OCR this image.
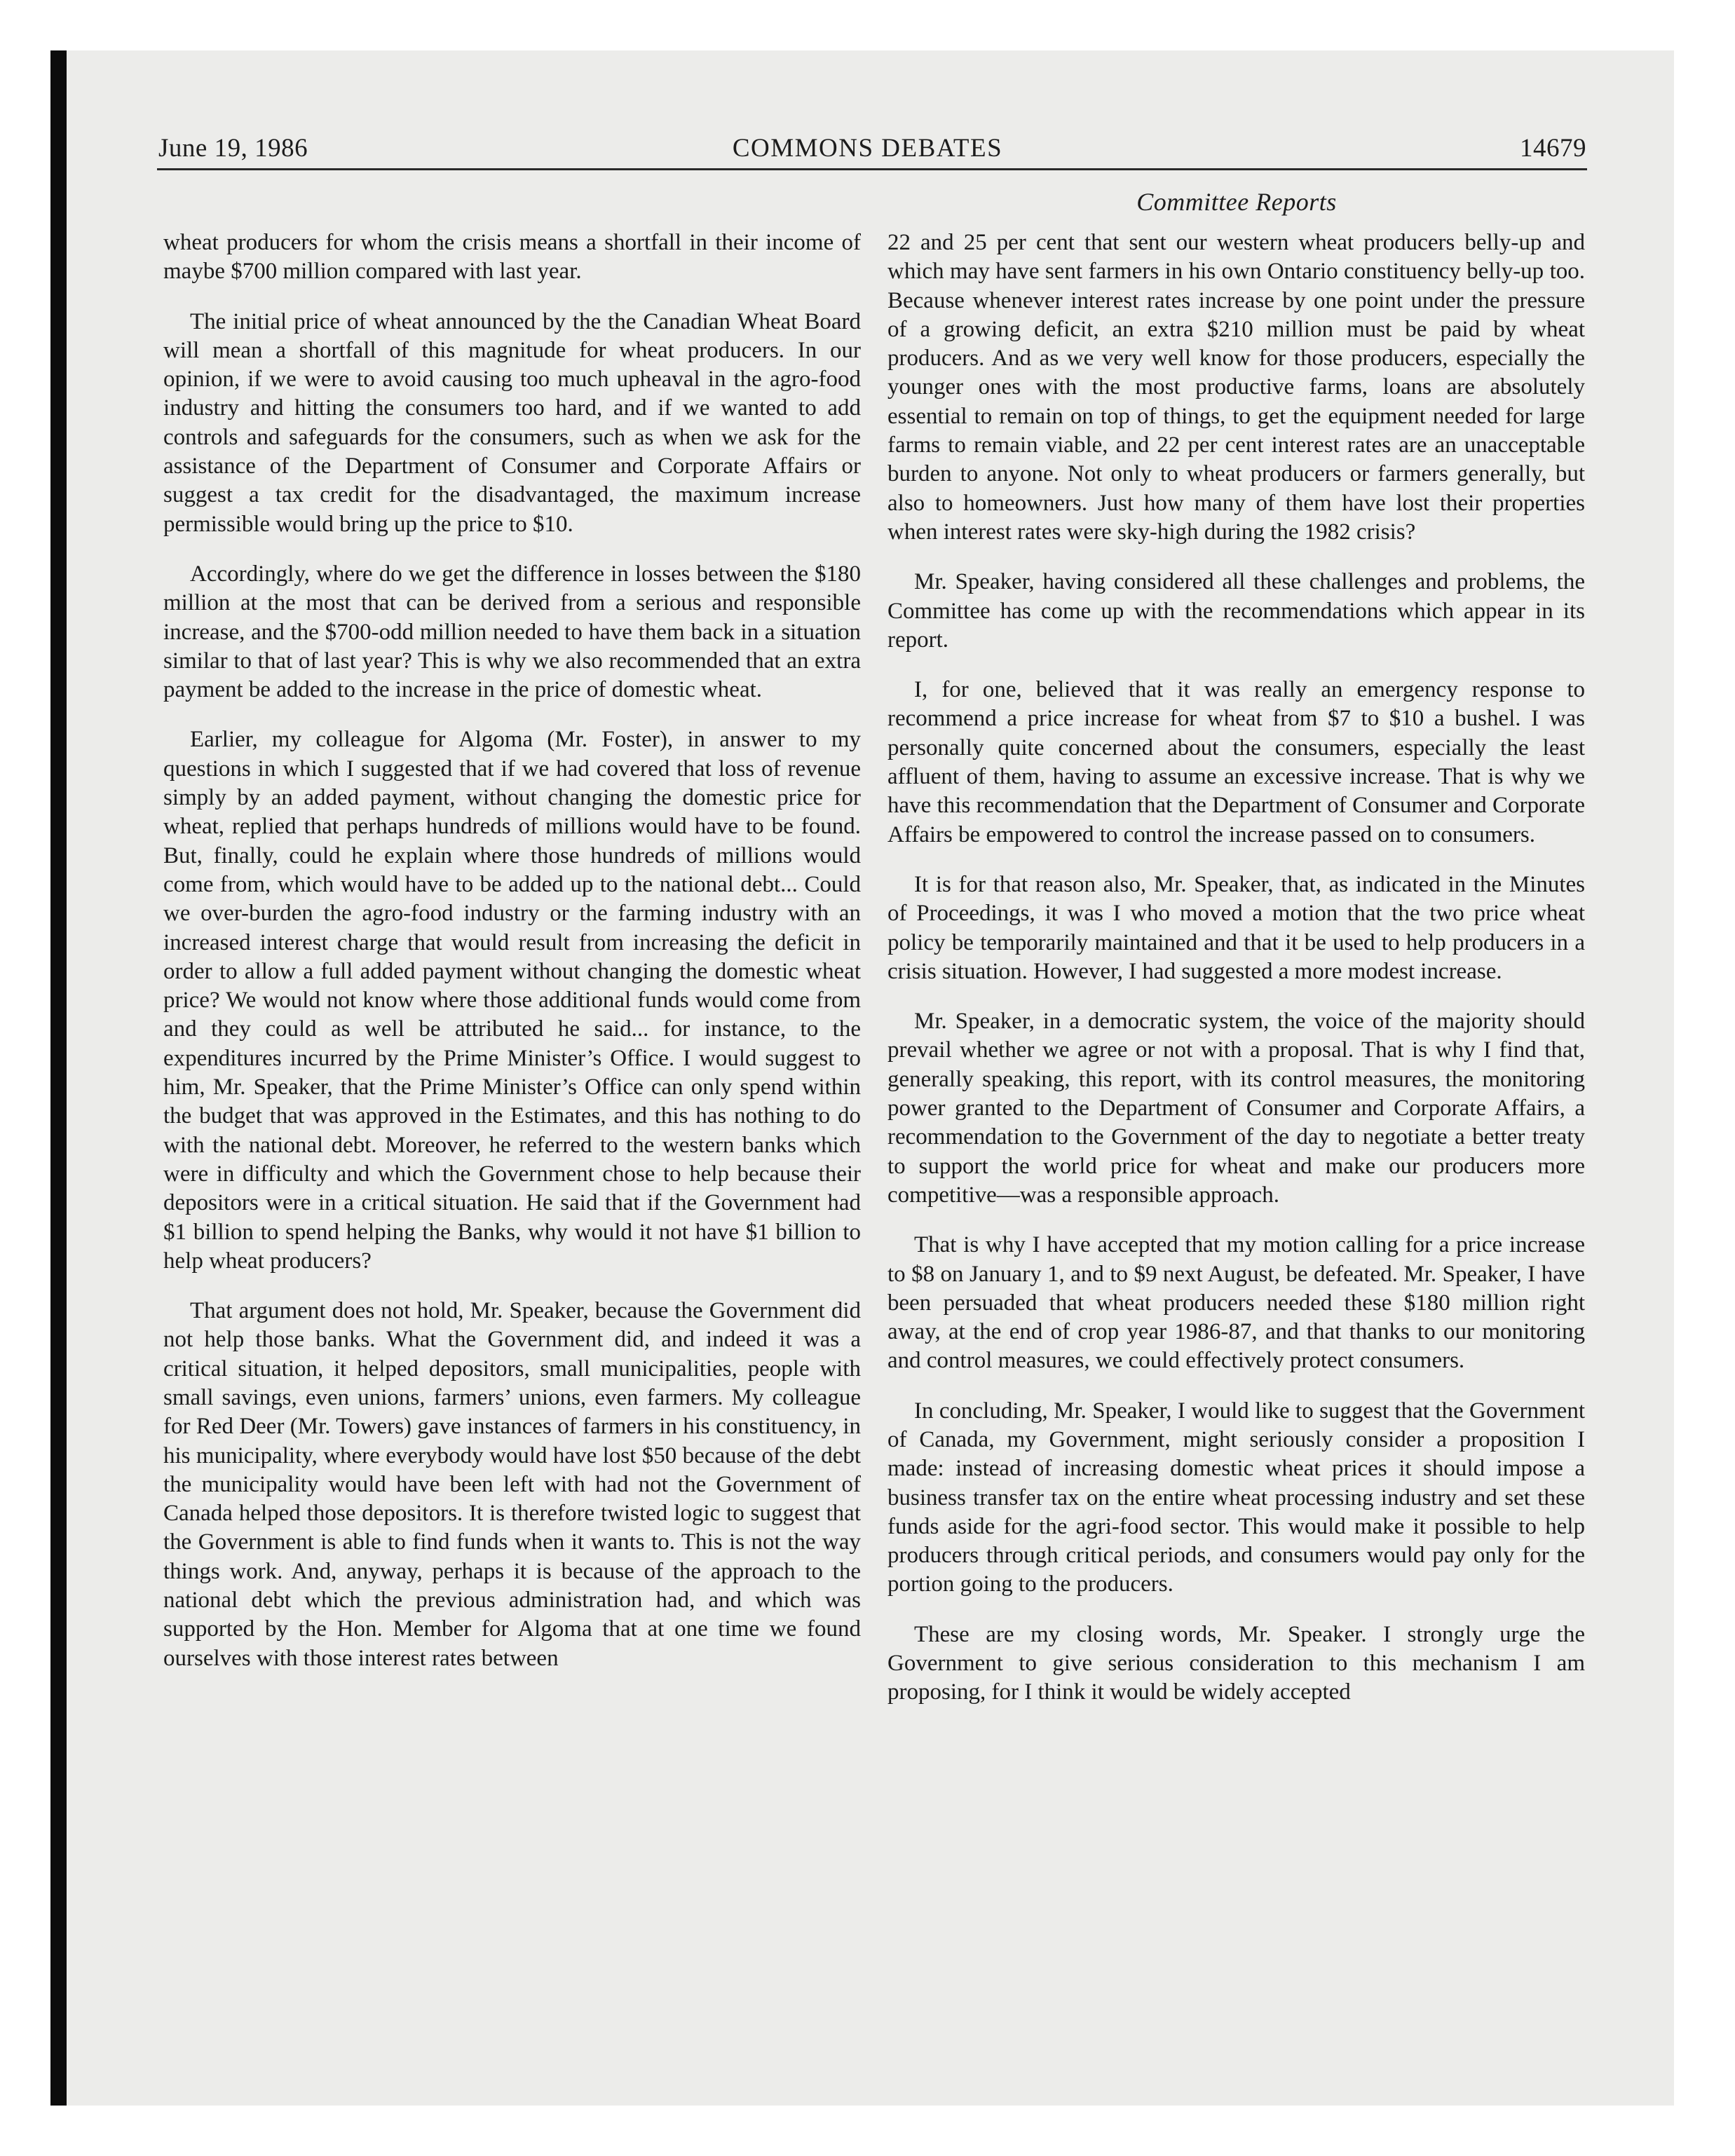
June 19, 1986	COMMONS DEBATES	14679
Committee Reports

wheat producers for whom the crisis means a shortfall in their income of maybe $700 million compared with last year.

The initial price of wheat announced by the the Canadian Wheat Board will mean a shortfall of this magnitude for wheat producers. In our opinion, if we were to avoid causing too much upheaval in the agro-food industry and hitting the consumers too hard, and if we wanted to add controls and safeguards for the consumers, such as when we ask for the assistance of the Department of Consumer and Corporate Affairs or suggest a tax credit for the disadvantaged, the maximum increase permissible would bring up the price to $10.

Accordingly, where do we get the difference in losses between the $180 million at the most that can be derived from a serious and responsible increase, and the $700-odd million needed to have them back in a situation similar to that of last year? This is why we also recommended that an extra payment be added to the increase in the price of domestic wheat.

Earlier, my colleague for Algoma (Mr. Foster), in answer to my questions in which I suggested that if we had covered that loss of revenue simply by an added payment, without changing the domestic price for wheat, replied that perhaps hundreds of millions would have to be found. But, finally, could he explain where those hundreds of millions would come from, which would have to be added up to the national debt... Could we over-burden the agro-food industry or the farming industry with an increased interest charge that would result from increasing the deficit in order to allow a full added payment without changing the domestic wheat price? We would not know where those additional funds would come from and they could as well be attributed he said... for instance, to the expenditures incurred by the Prime Minister’s Office. I would suggest to him, Mr. Speaker, that the Prime Minister’s Office can only spend within the budget that was approved in the Estimates, and this has nothing to do with the national debt. Moreover, he referred to the western banks which were in difficulty and which the Government chose to help because their depositors were in a critical situation. He said that if the Government had $1 billion to spend helping the Banks, why would it not have $1 billion to help wheat producers?

That argument does not hold, Mr. Speaker, because the Government did not help those banks. What the Government did, and indeed it was a critical situation, it helped depositors, small municipalities, people with small savings, even unions, farmers’ unions, even farmers. My colleague for Red Deer (Mr. Towers) gave instances of farmers in his constituency, in his municipality, where everybody would have lost $50 because of the debt the municipality would have been left with had not the Government of Canada helped those depositors. It is therefore twisted logic to suggest that the Government is able to find funds when it wants to. This is not the way things work. And, anyway, perhaps it is because of the approach to the national debt which the previous administration had, and which was supported by the Hon. Member for Algoma that at one time we found ourselves with those interest rates between

22 and 25 per cent that sent our western wheat producers belly-up and which may have sent farmers in his own Ontario constituency belly-up too. Because whenever interest rates increase by one point under the pressure of a growing deficit, an extra $210 million must be paid by wheat producers. And as we very well know for those producers, especially the younger ones with the most productive farms, loans are absolutely essential to remain on top of things, to get the equipment needed for large farms to remain viable, and 22 per cent interest rates are an unacceptable burden to anyone. Not only to wheat producers or farmers generally, but also to homeowners. Just how many of them have lost their properties when interest rates were sky-high during the 1982 crisis?

Mr. Speaker, having considered all these challenges and problems, the Committee has come up with the recommendations which appear in its report.

I, for one, believed that it was really an emergency response to recommend a price increase for wheat from $7 to $10 a bushel. I was personally quite concerned about the consumers, especially the least affluent of them, having to assume an excessive increase. That is why we have this recommendation that the Department of Consumer and Corporate Affairs be empowered to control the increase passed on to consumers.

It is for that reason also, Mr. Speaker, that, as indicated in the Minutes of Proceedings, it was I who moved a motion that the two price wheat policy be temporarily maintained and that it be used to help producers in a crisis situation. However, I had suggested a more modest increase.

Mr. Speaker, in a democratic system, the voice of the majority should prevail whether we agree or not with a proposal. That is why I find that, generally speaking, this report, with its control measures, the monitoring power granted to the Department of Consumer and Corporate Affairs, a recommendation to the Government of the day to negotiate a better treaty to support the world price for wheat and make our producers more competitive—was a responsible approach.

That is why I have accepted that my motion calling for a price increase to $8 on January 1, and to $9 next August, be defeated. Mr. Speaker, I have been persuaded that wheat producers needed these $180 million right away, at the end of crop year 1986-87, and that thanks to our monitoring and control measures, we could effectively protect consumers.

In concluding, Mr. Speaker, I would like to suggest that the Government of Canada, my Government, might seriously consider a proposition I made: instead of increasing domestic wheat prices it should impose a business transfer tax on the entire wheat processing industry and set these funds aside for the agri-food sector. This would make it possible to help producers through critical periods, and consumers would pay only for the portion going to the producers.

These are my closing words, Mr. Speaker. I strongly urge the Government to give serious consideration to this mechanism I am proposing, for I think it would be widely accepted
